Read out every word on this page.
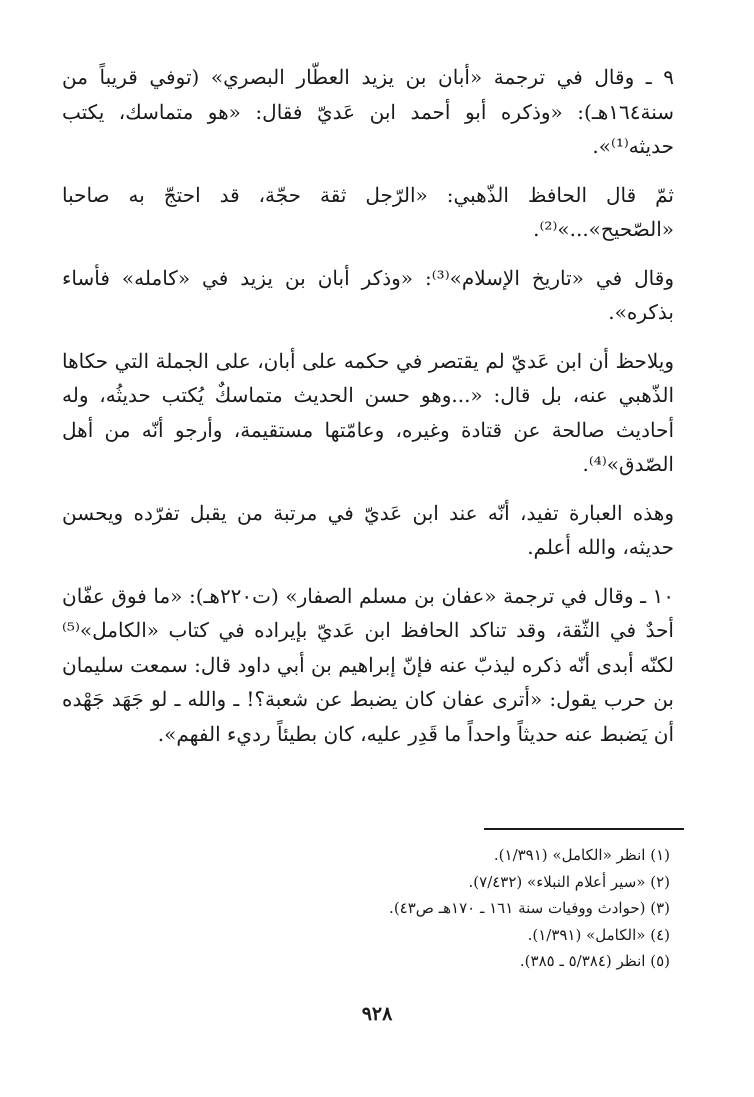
٩ ـ وقال في ترجمة «أبان بن يزيد العطّار البصري» (توفي قريباً من سنة١٦٤هـ): «وذكره أبو أحمد ابن عَديّ فقال: «هو متماسك، يكتب حديثه⁽¹⁾».

ثمّ قال الحافظ الذّهبي: «الرّجل ثقة حجّة، قد احتجّ به صاحبا «الصّحيح»...»⁽²⁾.

وقال في «تاريخ الإسلام»⁽³⁾: «وذكر أبان بن يزيد في «كامله» فأساء بذكره».

ويلاحظ أن ابن عَديّ لم يقتصر في حكمه على أبان، على الجملة التي حكاها الذّهبي عنه، بل قال: «...وهو حسن الحديث متماسكٌ يُكتب حديثُه، وله أحاديث صالحة عن قتادة وغيره، وعامّتها مستقيمة، وأرجو أنّه من أهل الصّدق»⁽⁴⁾.

وهذه العبارة تفيد، أنّه عند ابن عَديّ في مرتبة من يقبل تفرّده ويحسن حديثه، والله أعلم.

١٠ ـ وقال في ترجمة «عفان بن مسلم الصفار» (ت٢٢٠هـ): «ما فوق عفّان أحدٌ في الثّقة، وقد تناكد الحافظ ابن عَديّ بإيراده في كتاب «الكامل»⁽⁵⁾ لكنّه أبدى أنّه ذكره ليذبّ عنه فإنّ إبراهيم بن أبي داود قال: سمعت سليمان بن حرب يقول: «أترى عفان كان يضبط عن شعبة؟! ـ والله ـ لو جَهَد جَهْده أن يَضبط عنه حديثاً واحداً ما قَدِر عليه، كان بطيئاً رديء الفهم».

(١) انظر «الكامل» (١/٣٩١).

(٢) «سير أعلام النبلاء» (٧/٤٣٢).

(٣) (حوادث ووفيات سنة ١٦١ ـ ١٧٠هـ ص٤٣).

(٤) «الكامل» (١/٣٩١).

(٥) انظر (٥/٣٨٤ ـ ٣٨٥).

٩٢٨
